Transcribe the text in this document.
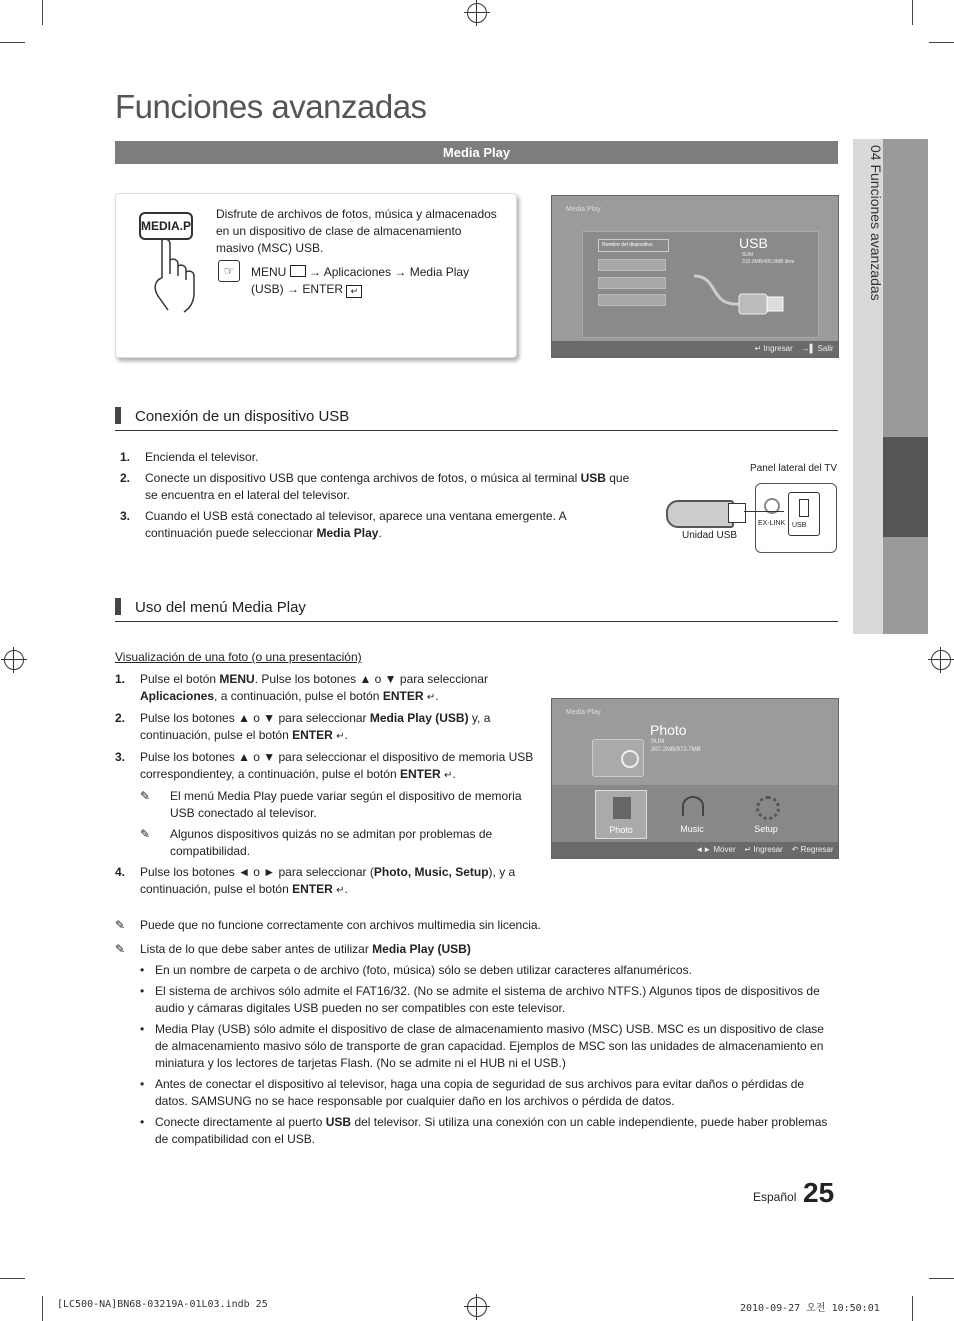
Funciones avanzadas
Media Play	04 Funciones avanzadas
MEDIA.P
Disfrute de archivos de fotos, música y almacenados en un dispositivo de clase de almacenamiento masivo (MSC) USB.
☞	MENU  → Aplicaciones → Media Play
(USB) → ENTER ↵
Media Play
Nombre del dispositivo	USB
SUM
315.0MB/495.0MB libre
↵ Ingresar →▌ Salir
Conexión de un dispositivo USB
1. Encienda el televisor.
2. Conecte un dispositivo USB que contenga archivos de fotos, o música al terminal USB que se encuentra en el lateral del televisor.
3. Cuando el USB está conectado al televisor, aparece una ventana emergente. A continuación puede seleccionar Media Play.
Panel lateral del TV
EX-LINK USB
Unidad USB
Uso del menú Media Play
Visualización de una foto (o una presentación)
1. Pulse el botón MENU. Pulse los botones ▲ o ▼ para seleccionar Aplicaciones, a continuación, pulse el botón ENTER ↵.
2. Pulse los botones ▲ o ▼ para seleccionar Media Play (USB) y, a continuación, pulse el botón ENTER ↵.
3. Pulse los botones ▲ o ▼ para seleccionar el dispositivo de memoria USB correspondientey, a continuación, pulse el botón ENTER ↵.
✎ El menú Media Play puede variar según el dispositivo de memoria USB conectado al televisor.
✎ Algunos dispositivos quizás no se admitan por problemas de compatibilidad.
4. Pulse los botones ◄ o ► para seleccionar (Photo, Music, Setup), y a continuación, pulse el botón ENTER ↵.
Media Play
Photo
SUM
307.2MB/973.7MB
Photo	Music	Setup
◄► Mover ↵ Ingresar ↶ Regresar
✎ Puede que no funcione correctamente con archivos multimedia sin licencia.
✎ Lista de lo que debe saber antes de utilizar Media Play (USB)
• En un nombre de carpeta o de archivo (foto, música) sólo se deben utilizar caracteres alfanuméricos.
• El sistema de archivos sólo admite el FAT16/32. (No se admite el sistema de archivo NTFS.) Algunos tipos de dispositivos de audio y cámaras digitales USB pueden no ser compatibles con este televisor.
• Media Play (USB) sólo admite el dispositivo de clase de almacenamiento masivo (MSC) USB. MSC es un dispositivo de clase de almacenamiento masivo sólo de transporte de gran capacidad. Ejemplos de MSC son las unidades de almacenamiento en miniatura y los lectores de tarjetas Flash. (No se admite ni el HUB ni el USB.)
• Antes de conectar el dispositivo al televisor, haga una copia de seguridad de sus archivos para evitar daños o pérdidas de datos. SAMSUNG no se hace responsable por cualquier daño en los archivos o pérdida de datos.
• Conecte directamente al puerto USB del televisor. Si utiliza una conexión con un cable independiente, puede haber problemas de compatibilidad con el USB.
Español 25
[LC500-NA]BN68-03219A-01L03.indb 25	2010-09-27 오전 10:50:01
